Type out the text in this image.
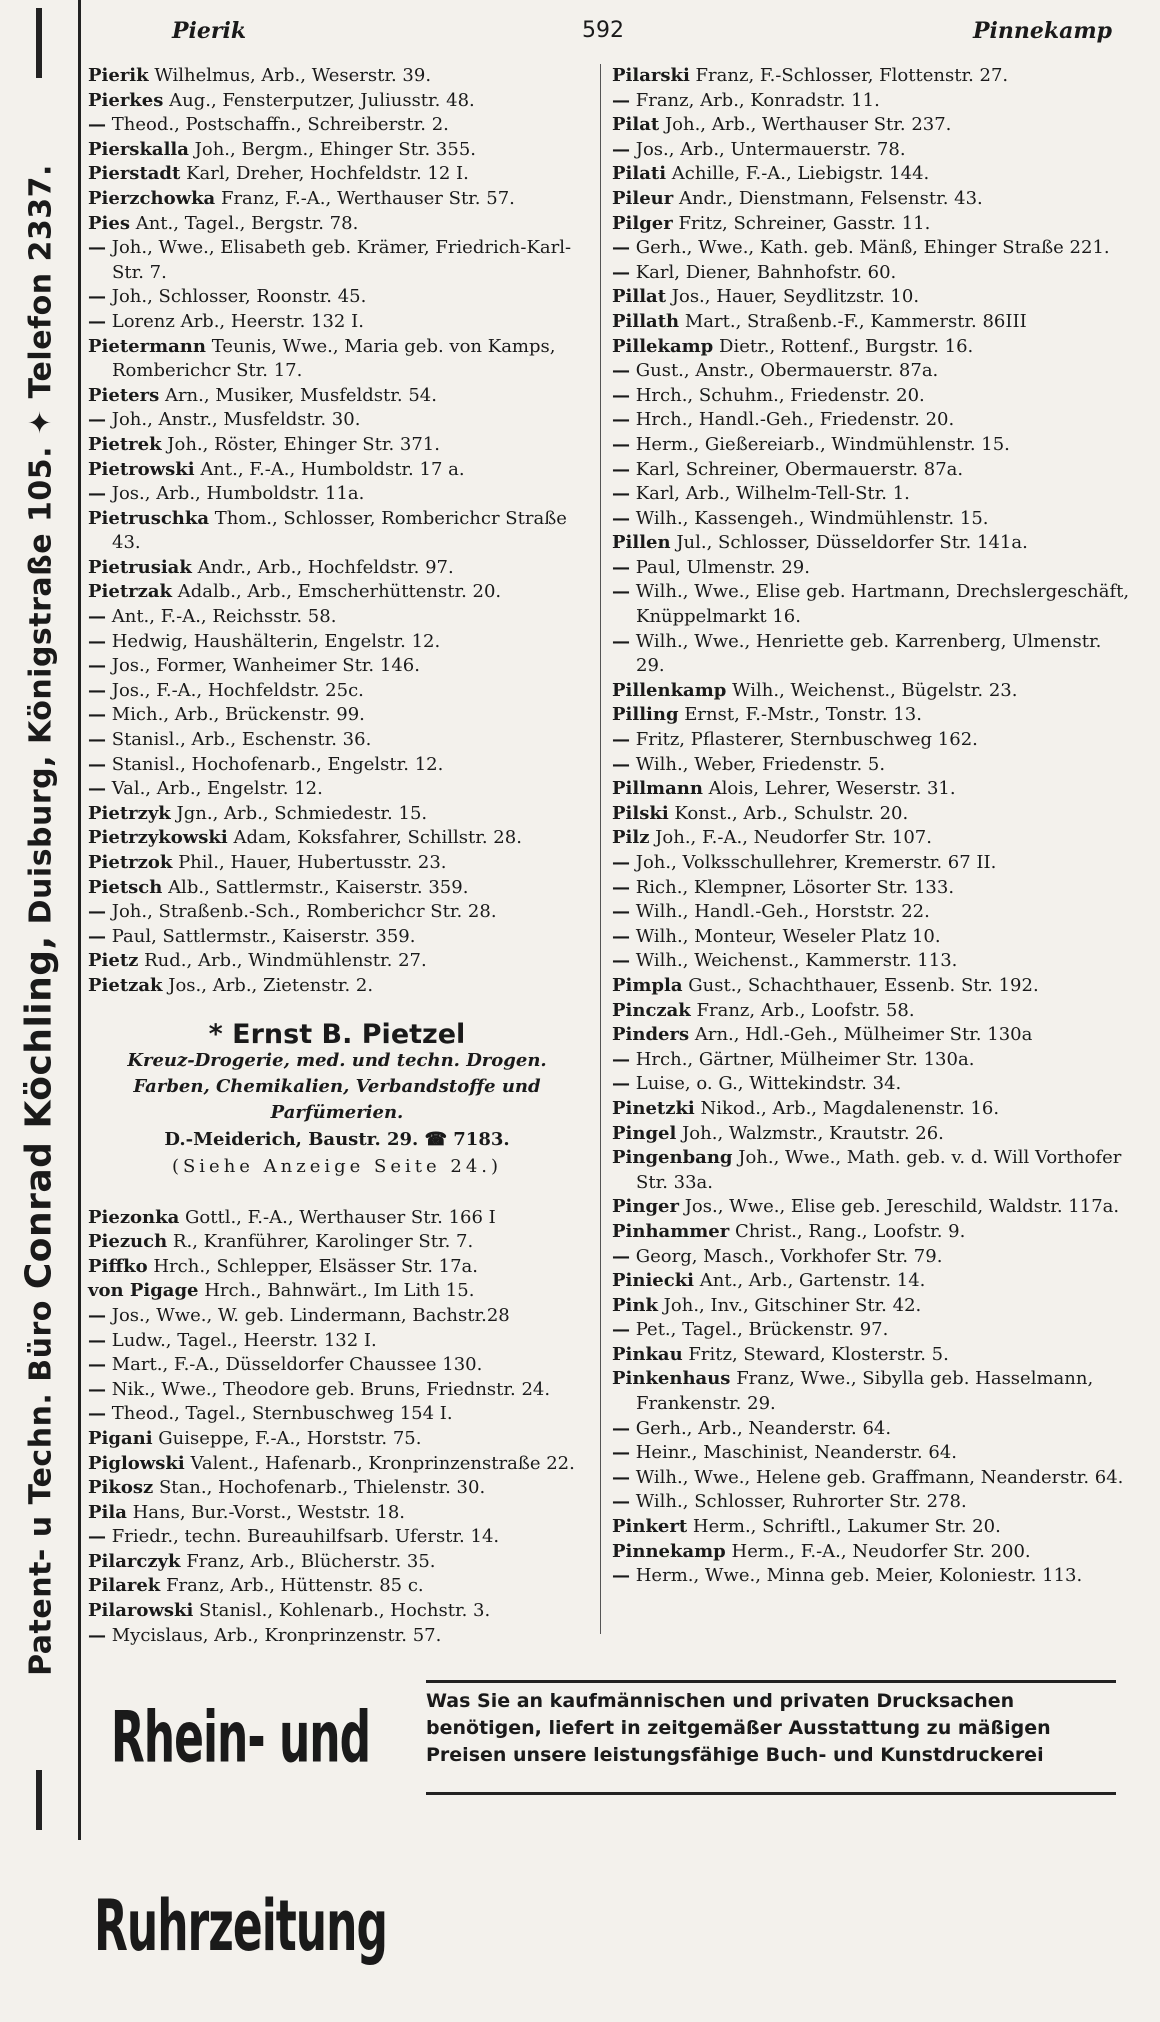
Patent- u Techn. Büro Conrad Köchling, Duisburg, Königstraße 105. ✦ Telefon 2337.
Pierik	592	Pinnekamp
Pierik Wilhelmus, Arb., Weserstr. 39.
Pierkes Aug., Fensterputzer, Juliusstr. 48.
— Theod., Postschaffn., Schreiberstr. 2.
Pierskalla Joh., Bergm., Ehinger Str. 355.
Pierstadt Karl, Dreher, Hochfeldstr. 12 I.
Pierzchowka Franz, F.-A., Werthauser Str. 57.
Pies Ant., Tagel., Bergstr. 78.
— Joh., Wwe., Elisabeth geb. Krämer, Friedrich-Karl-Str. 7.
— Joh., Schlosser, Roonstr. 45.
— Lorenz Arb., Heerstr. 132 I.
Pietermann Teunis, Wwe., Maria geb. von Kamps, Romberichcr Str. 17.
Pieters Arn., Musiker, Musfeldstr. 54.
— Joh., Anstr., Musfeldstr. 30.
Pietrek Joh., Röster, Ehinger Str. 371.
Pietrowski Ant., F.-A., Humboldstr. 17 a.
— Jos., Arb., Humboldstr. 11a.
Pietruschka Thom., Schlosser, Romberichcr Straße 43.
Pietrusiak Andr., Arb., Hochfeldstr. 97.
Pietrzak Adalb., Arb., Emscherhüttenstr. 20.
— Ant., F.-A., Reichsstr. 58.
— Hedwig, Haushälterin, Engelstr. 12.
— Jos., Former, Wanheimer Str. 146.
— Jos., F.-A., Hochfeldstr. 25c.
— Mich., Arb., Brückenstr. 99.
— Stanisl., Arb., Eschenstr. 36.
— Stanisl., Hochofenarb., Engelstr. 12.
— Val., Arb., Engelstr. 12.
Pietrzyk Jgn., Arb., Schmiedestr. 15.
Pietrzykowski Adam, Koksfahrer, Schillstr. 28.
Pietrzok Phil., Hauer, Hubertusstr. 23.
Pietsch Alb., Sattlermstr., Kaiserstr. 359.
— Joh., Straßenb.-Sch., Romberichcr Str. 28.
— Paul, Sattlermstr., Kaiserstr. 359.
Pietz Rud., Arb., Windmühlenstr. 27.
Pietzak Jos., Arb., Zietenstr. 2.
* Ernst B. Pietzel
Kreuz-Drogerie, med. und techn. Drogen.
Farben, Chemikalien, Verbandstoffe und
Parfümerien.
D.-Meiderich, Baustr. 29. ☎ 7183.
(Siehe Anzeige Seite 24.)
Piezonka Gottl., F.-A., Werthauser Str. 166 I
Piezuch R., Kranführer, Karolinger Str. 7.
Piffko Hrch., Schlepper, Elsässer Str. 17a.
von Pigage Hrch., Bahnwärt., Im Lith 15.
— Jos., Wwe., W. geb. Lindermann, Bachstr.28
— Ludw., Tagel., Heerstr. 132 I.
— Mart., F.-A., Düsseldorfer Chaussee 130.
— Nik., Wwe., Theodore geb. Bruns, Friednstr. 24.
— Theod., Tagel., Sternbuschweg 154 I.
Pigani Guiseppe, F.-A., Horststr. 75.
Piglowski Valent., Hafenarb., Kronprinzenstraße 22.
Pikosz Stan., Hochofenarb., Thielenstr. 30.
Pila Hans, Bur.-Vorst., Weststr. 18.
— Friedr., techn. Bureauhilfsarb. Uferstr. 14.
Pilarczyk Franz, Arb., Blücherstr. 35.
Pilarek Franz, Arb., Hüttenstr. 85 c.
Pilarowski Stanisl., Kohlenarb., Hochstr. 3.
— Mycislaus, Arb., Kronprinzenstr. 57.
Pilarski Franz, F.-Schlosser, Flottenstr. 27.
— Franz, Arb., Konradstr. 11.
Pilat Joh., Arb., Werthauser Str. 237.
— Jos., Arb., Untermauerstr. 78.
Pilati Achille, F.-A., Liebigstr. 144.
Pileur Andr., Dienstmann, Felsenstr. 43.
Pilger Fritz, Schreiner, Gasstr. 11.
— Gerh., Wwe., Kath. geb. Mänß, Ehinger Straße 221.
— Karl, Diener, Bahnhofstr. 60.
Pillat Jos., Hauer, Seydlitzstr. 10.
Pillath Mart., Straßenb.-F., Kammerstr. 86III
Pillekamp Dietr., Rottenf., Burgstr. 16.
— Gust., Anstr., Obermauerstr. 87a.
— Hrch., Schuhm., Friedenstr. 20.
— Hrch., Handl.-Geh., Friedenstr. 20.
— Herm., Gießereiarb., Windmühlenstr. 15.
— Karl, Schreiner, Obermauerstr. 87a.
— Karl, Arb., Wilhelm-Tell-Str. 1.
— Wilh., Kassengeh., Windmühlenstr. 15.
Pillen Jul., Schlosser, Düsseldorfer Str. 141a.
— Paul, Ulmenstr. 29.
— Wilh., Wwe., Elise geb. Hartmann, Drechslergeschäft, Knüppelmarkt 16.
— Wilh., Wwe., Henriette geb. Karrenberg, Ulmenstr. 29.
Pillenkamp Wilh., Weichenst., Bügelstr. 23.
Pilling Ernst, F.-Mstr., Tonstr. 13.
— Fritz, Pflasterer, Sternbuschweg 162.
— Wilh., Weber, Friedenstr. 5.
Pillmann Alois, Lehrer, Weserstr. 31.
Pilski Konst., Arb., Schulstr. 20.
Pilz Joh., F.-A., Neudorfer Str. 107.
— Joh., Volksschullehrer, Kremerstr. 67 II.
— Rich., Klempner, Lösorter Str. 133.
— Wilh., Handl.-Geh., Horststr. 22.
— Wilh., Monteur, Weseler Platz 10.
— Wilh., Weichenst., Kammerstr. 113.
Pimpla Gust., Schachthauer, Essenb. Str. 192.
Pinczak Franz, Arb., Loofstr. 58.
Pinders Arn., Hdl.-Geh., Mülheimer Str. 130a
— Hrch., Gärtner, Mülheimer Str. 130a.
— Luise, o. G., Wittekindstr. 34.
Pinetzki Nikod., Arb., Magdalenenstr. 16.
Pingel Joh., Walzmstr., Krautstr. 26.
Pingenbang Joh., Wwe., Math. geb. v. d. Will Vorthofer Str. 33a.
Pinger Jos., Wwe., Elise geb. Jereschild, Waldstr. 117a.
Pinhammer Christ., Rang., Loofstr. 9.
— Georg, Masch., Vorkhofer Str. 79.
Piniecki Ant., Arb., Gartenstr. 14.
Pink Joh., Inv., Gitschiner Str. 42.
— Pet., Tagel., Brückenstr. 97.
Pinkau Fritz, Steward, Klosterstr. 5.
Pinkenhaus Franz, Wwe., Sibylla geb. Hasselmann, Frankenstr. 29.
— Gerh., Arb., Neanderstr. 64.
— Heinr., Maschinist, Neanderstr. 64.
— Wilh., Wwe., Helene geb. Graffmann, Neanderstr. 64.
— Wilh., Schlosser, Ruhrorter Str. 278.
Pinkert Herm., Schriftl., Lakumer Str. 20.
Pinnekamp Herm., F.-A., Neudorfer Str. 200.
— Herm., Wwe., Minna geb. Meier, Koloniestr. 113.
Rhein- und Ruhrzeitung
Was Sie an kaufmännischen und privaten Drucksachen
benötigen, liefert in zeitgemäßer Ausstattung zu mäßigen
Preisen unsere leistungsfähige Buch- und Kunstdruckerei
